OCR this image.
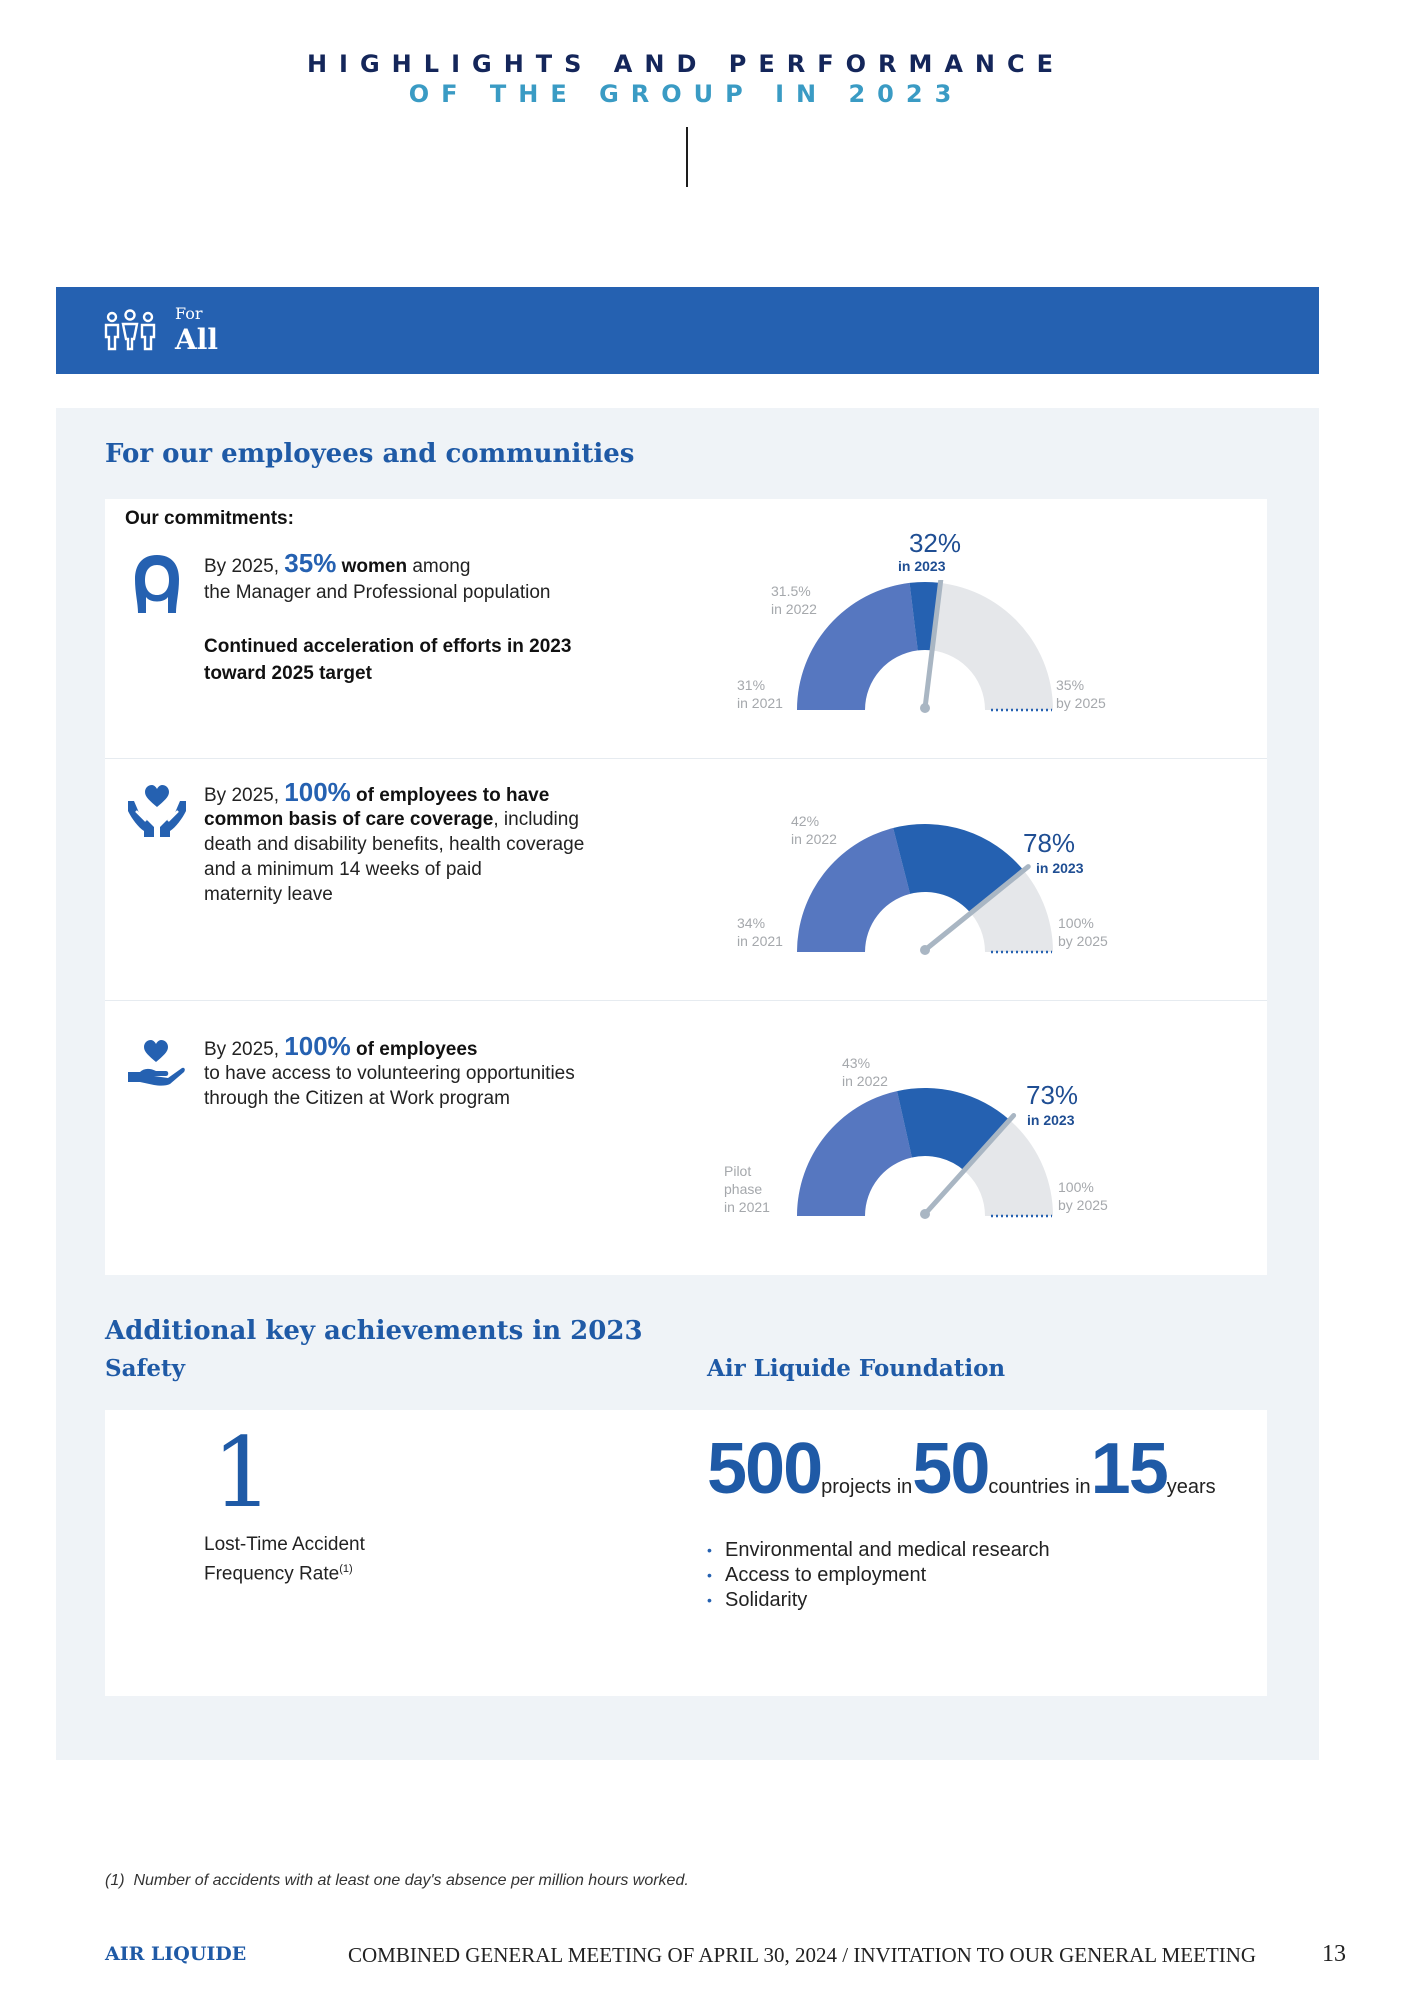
HIGHLIGHTS AND PERFORMANCE
OF THE GROUP IN 2023
For
All
For our employees and communities
Our commitments:
By 2025, 35% women among
the Manager and Professional population
Continued acceleration of efforts in 2023
toward 2025 target
By 2025, 100% of employees to have
common basis of care coverage, including
death and disability benefits, health coverage
and a minimum 14 weeks of paid
maternity leave
By 2025, 100% of employees
to have access to volunteering opportunities
through the Citizen at Work program
31.5%
in 2022
32%
in 2023
31%
in 2021
35%
by 2025
42%
in 2022	78%
in 2023
34%
in 2021
100%
by 2025
43%
in 2022	73%
in 2023
Pilot
phase
in 2021
100%
by 2025
Additional key achievements in 2023
Safety	Air Liquide Foundation
1
Lost-Time Accident
Frequency Rate$^{(1)}$
500projects in50countries in15years
• Environmental and medical research
• Access to employment
• Solidarity
(1) Number of accidents with at least one day's absence per million hours worked.
AIR LIQUIDE	COMBINED GENERAL MEETING OF APRIL 30, 2024 / INVITATION TO OUR GENERAL MEETING	13
